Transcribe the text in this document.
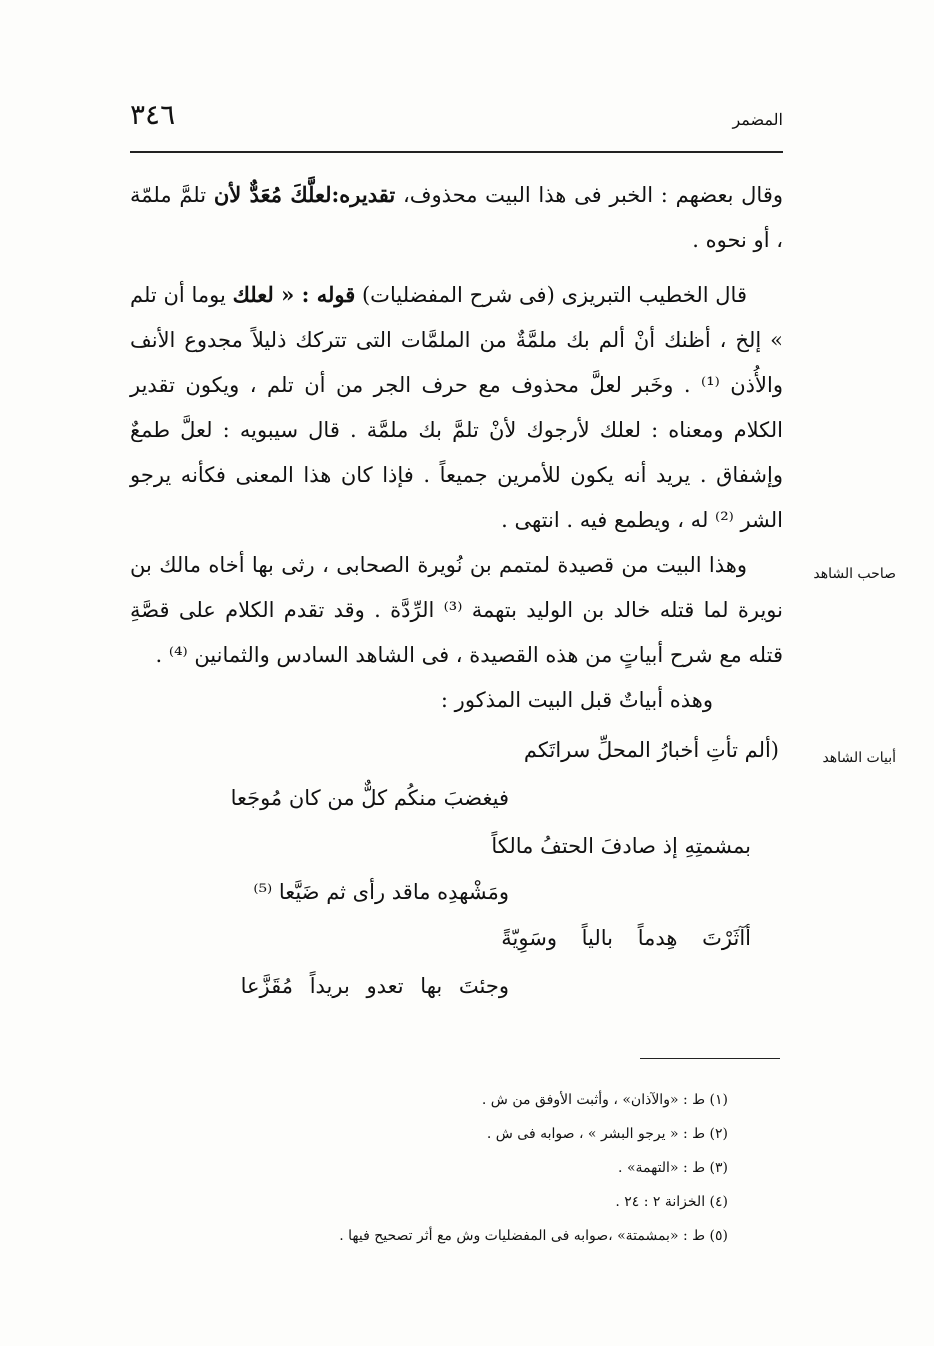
٣٤٦	المضمر

وقال بعضهم : الخبر فى هذا البيت محذوف، تقديره:لعلَّكَ مُعَدٌّ لأن تلمَّ ملمّة ، أو نحوه .

قال الخطيب التبريزى (فى شرح المفضليات) قوله : « لعلك يوما أن تلم » إلخ ، أظنك أنْ ألم بك ملمَّةٌ من الملمَّات التى تتركك ذليلاً مجدوع الأنف والأُذن ⁽¹⁾ . وخَبر لعلَّ محذوف مع حرف الجر من أن تلم ، ويكون تقدير الكلام ومعناه : لعلك لأرجوك لأنْ تلمَّ بك ملمَّة . قال سيبويه : لعلَّ طمعٌ وإشفاق . يريد أنه يكون للأمرين جميعاً . فإذا كان هذا المعنى فكأنه يرجو الشر ⁽²⁾ له ، ويطمع فيه . انتهى .

وهذا البيت من قصيدة لمتمم بن نُويرة الصحابى ، رثى بها أخاه مالك بن نويرة لما قتله خالد بن الوليد بتهمة ⁽³⁾ الرِّدَّة . وقد تقدم الكلام على قصَّةِ قتله مع شرح أبياتٍ من هذه القصيدة ، فى الشاهد السادس والثمانين ⁽⁴⁾ .

وهذه أبياتٌ قبل البيت المذكور :

صاحب الشاهد
أبيات الشاهد
(ألم تأتِ أخبارُ المحلِّ سراتَكم
فيغضبَ منكُم كلٌّ من كان مُوجَعا
بمشمتِهِ إذ صادفَ الحتفُ مالكاً
ومَشْهدِه ماقد رأى ثم ضَيَّعا ⁽⁵⁾
أآثَرْتَ هِدماً بالياً وسَوِيّةً
وجئتَ بها تعدو بريداً مُقَزَّعا
(١) ط : «والآذان» ، وأثبت الأوفق من ش .
(٢) ط : « يرجو البشر » ، صوابه فى ش .
(٣) ط : «التهمة» .
(٤) الخزانة ٢ : ٢٤ .
(٥) ط : «بمشمتة» ،صوابه فى المفضليات وش مع أثر تصحيح فيها .
